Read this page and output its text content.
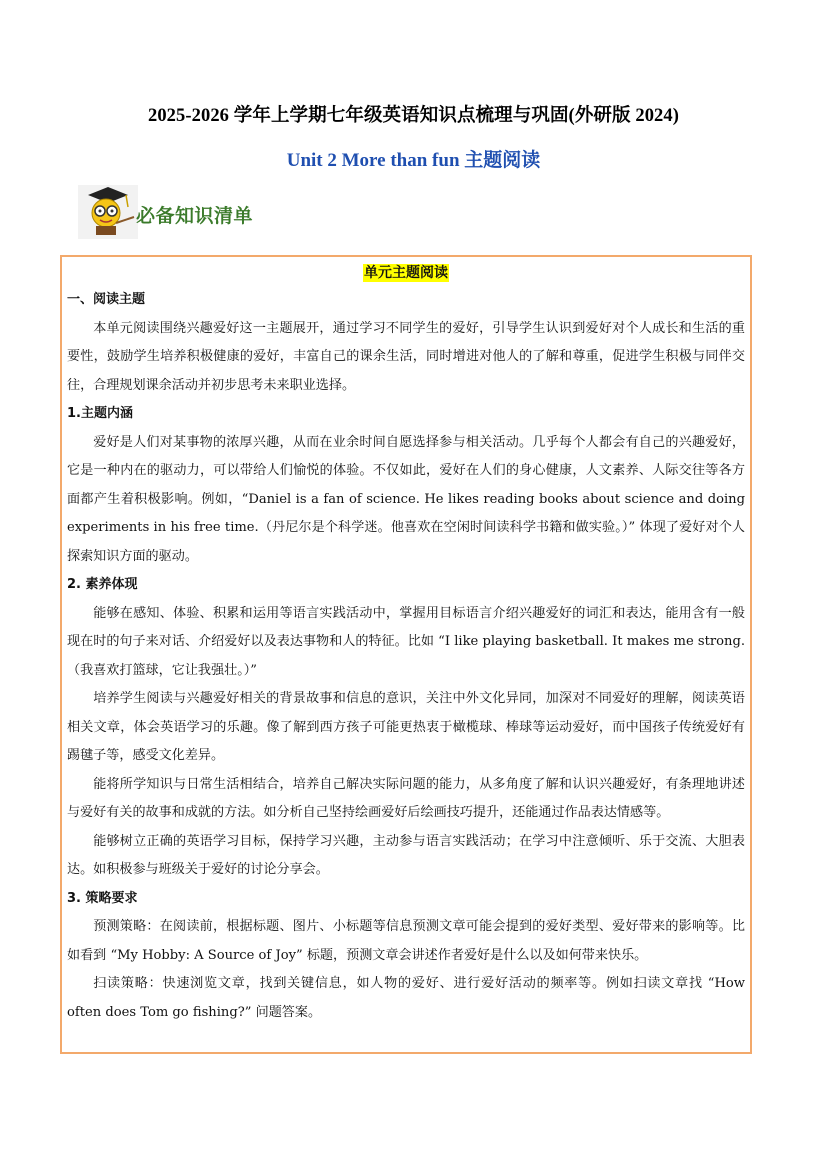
2025-2026 学年上学期七年级英语知识点梳理与巩固(外研版 2024)
Unit 2 More than fun 主题阅读
必备知识清单
单元主题阅读

一、阅读主题

本单元阅读围绕兴趣爱好这一主题展开，通过学习不同学生的爱好，引导学生认识到爱好对个人成长和生活的重要性，鼓励学生培养积极健康的爱好，丰富自己的课余生活，同时增进对他人的了解和尊重，促进学生积极与同伴交往，合理规划课余活动并初步思考未来职业选择。

1.主题内涵

爱好是人们对某事物的浓厚兴趣，从而在业余时间自愿选择参与相关活动。几乎每个人都会有自己的兴趣爱好，它是一种内在的驱动力，可以带给人们愉悦的体验。不仅如此，爱好在人们的身心健康，人文素养、人际交往等各方面都产生着积极影响。例如，“Daniel is a fan of science. He likes reading books about science and doing experiments in his free time.（丹尼尔是个科学迷。他喜欢在空闲时间读科学书籍和做实验。）” 体现了爱好对个人探索知识方面的驱动。

2. 素养体现

能够在感知、体验、积累和运用等语言实践活动中，掌握用目标语言介绍兴趣爱好的词汇和表达，能用含有一般现在时的句子来对话、介绍爱好以及表达事物和人的特征。比如 “I like playing basketball. It makes me strong.（我喜欢打篮球，它让我强壮。）”

培养学生阅读与兴趣爱好相关的背景故事和信息的意识，关注中外文化异同，加深对不同爱好的理解，阅读英语相关文章，体会英语学习的乐趣。像了解到西方孩子可能更热衷于橄榄球、棒球等运动爱好，而中国孩子传统爱好有踢毽子等，感受文化差异。

能将所学知识与日常生活相结合，培养自己解决实际问题的能力，从多角度了解和认识兴趣爱好，有条理地讲述与爱好有关的故事和成就的方法。如分析自己坚持绘画爱好后绘画技巧提升，还能通过作品表达情感等。

能够树立正确的英语学习目标，保持学习兴趣，主动参与语言实践活动；在学习中注意倾听、乐于交流、大胆表达。如积极参与班级关于爱好的讨论分享会。

3. 策略要求

预测策略：在阅读前，根据标题、图片、小标题等信息预测文章可能会提到的爱好类型、爱好带来的影响等。比如看到 “My Hobby: A Source of Joy” 标题，预测文章会讲述作者爱好是什么以及如何带来快乐。

扫读策略：快速浏览文章，找到关键信息，如人物的爱好、进行爱好活动的频率等。例如扫读文章找 “How often does Tom go fishing?” 问题答案。
